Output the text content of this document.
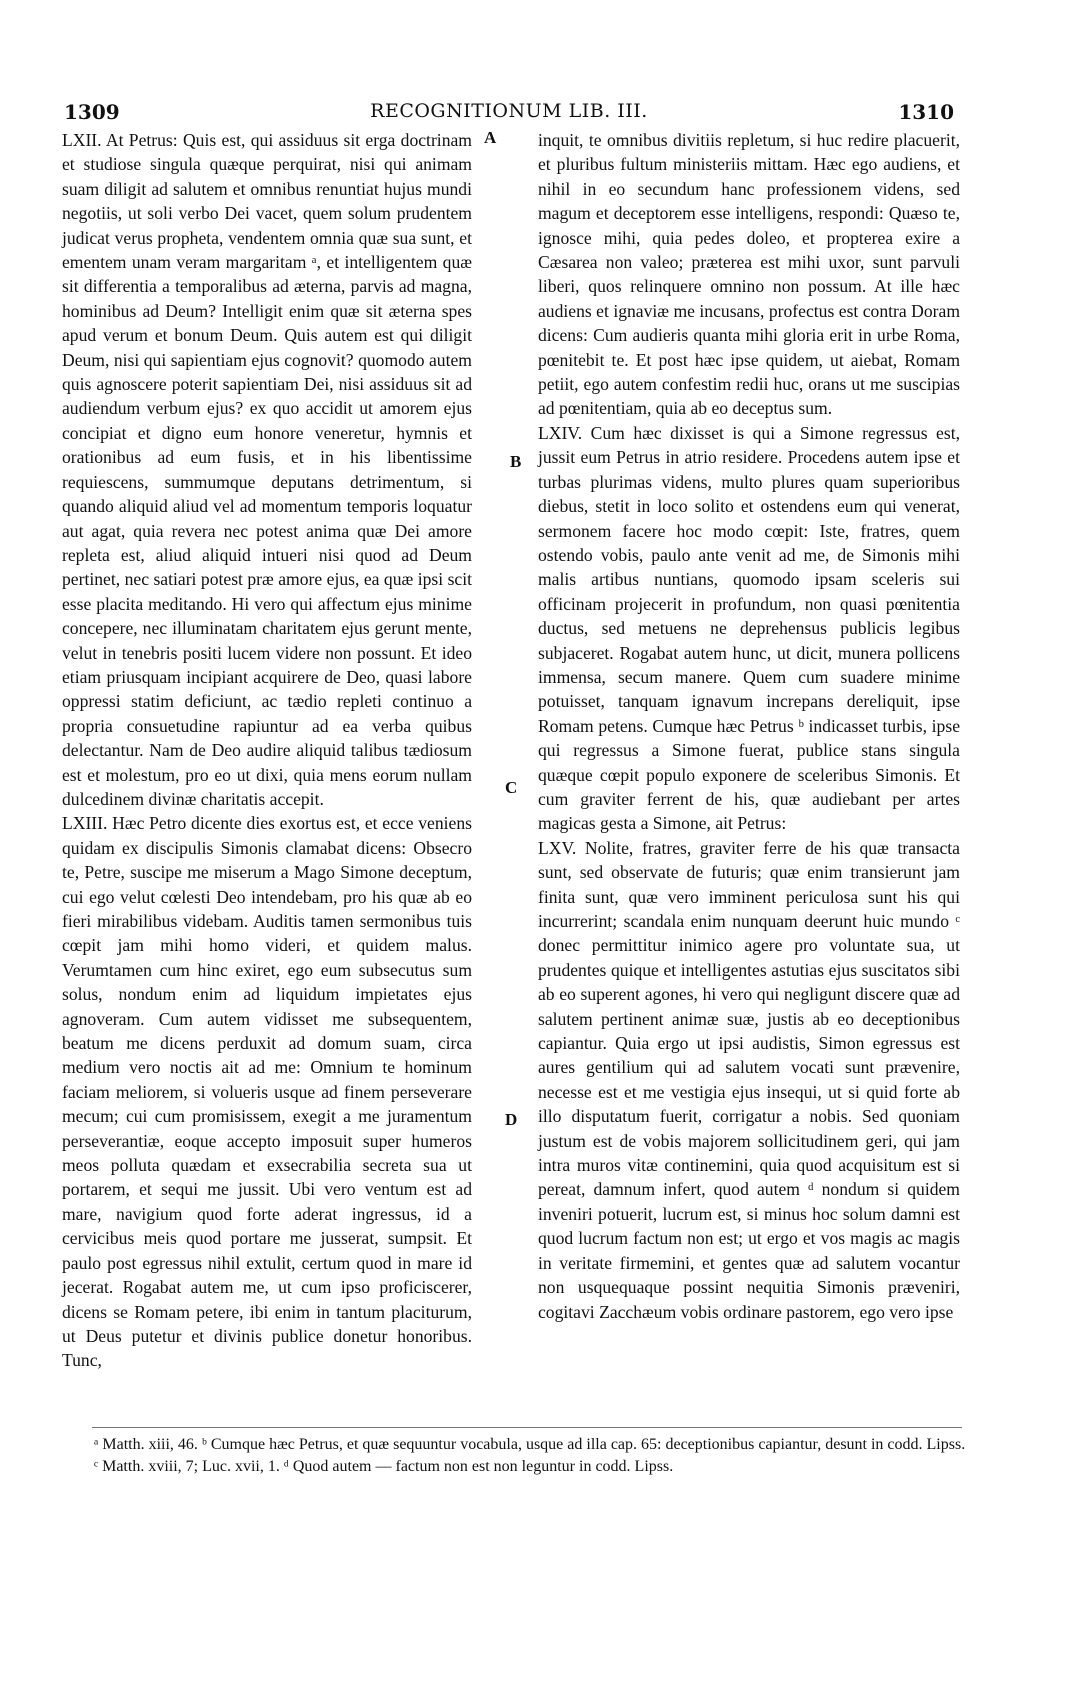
1309	RECOGNITIONUM LIB. III.	1310

LXII. At Petrus: Quis est, qui assiduus sit erga doctrinam et studiose singula quæque perquirat, nisi qui animam suam diligit ad salutem et omnibus renuntiat hujus mundi negotiis, ut soli verbo Dei vacet, quem solum prudentem judicat verus propheta, vendentem omnia quæ sua sunt, et ementem unam veram margaritam ᵃ, et intelligentem quæ sit differentia a temporalibus ad æterna, parvis ad magna, hominibus ad Deum? Intelligit enim quæ sit æterna spes apud verum et bonum Deum. Quis autem est qui diligit Deum, nisi qui sapientiam ejus cognovit? quomodo autem quis agnoscere poterit sapientiam Dei, nisi assiduus sit ad audiendum verbum ejus? ex quo accidit ut amorem ejus concipiat et digno eum honore veneretur, hymnis et orationibus ad eum fusis, et in his libentissime requiescens, summumque deputans detrimentum, si quando aliquid aliud vel ad momentum temporis loquatur aut agat, quia revera nec potest anima quæ Dei amore repleta est, aliud aliquid intueri nisi quod ad Deum pertinet, nec satiari potest præ amore ejus, ea quæ ipsi scit esse placita meditando. Hi vero qui affectum ejus minime concepere, nec illuminatam charitatem ejus gerunt mente, velut in tenebris positi lucem videre non possunt. Et ideo etiam priusquam incipiant acquirere de Deo, quasi labore oppressi statim deficiunt, ac tædio repleti continuo a propria consuetudine rapiuntur ad ea verba quibus delectantur. Nam de Deo audire aliquid talibus tædiosum est et molestum, pro eo ut dixi, quia mens eorum nullam dulcedinem divinæ charitatis accepit.

LXIII. Hæc Petro dicente dies exortus est, et ecce veniens quidam ex discipulis Simonis clamabat dicens: Obsecro te, Petre, suscipe me miserum a Mago Simone deceptum, cui ego velut cœlesti Deo intendebam, pro his quæ ab eo fieri mirabilibus videbam. Auditis tamen sermonibus tuis cœpit jam mihi homo videri, et quidem malus. Verumtamen cum hinc exiret, ego eum subsecutus sum solus, nondum enim ad liquidum impietates ejus agnoveram. Cum autem vidisset me subsequentem, beatum me dicens perduxit ad domum suam, circa medium vero noctis ait ad me: Omnium te hominum faciam meliorem, si volueris usque ad finem perseverare mecum; cui cum promisissem, exegit a me juramentum perseverantiæ, eoque accepto imposuit super humeros meos polluta quædam et exsecrabilia secreta sua ut portarem, et sequi me jussit. Ubi vero ventum est ad mare, navigium quod forte aderat ingressus, id a cervicibus meis quod portare me jusserat, sumpsit. Et paulo post egressus nihil extulit, certum quod in mare id jecerat. Rogabat autem me, ut cum ipso proficiscerer, dicens se Romam petere, ibi enim in tantum placiturum, ut Deus putetur et divinis publice donetur honoribus. Tunc,

A
B
C
D

inquit, te omnibus divitiis repletum, si huc redire placuerit, et pluribus fultum ministeriis mittam. Hæc ego audiens, et nihil in eo secundum hanc professionem videns, sed magum et deceptorem esse intelligens, respondi: Quæso te, ignosce mihi, quia pedes doleo, et propterea exire a Cæsarea non valeo; præterea est mihi uxor, sunt parvuli liberi, quos relinquere omnino non possum. At ille hæc audiens et ignaviæ me incusans, profectus est contra Doram dicens: Cum audieris quanta mihi gloria erit in urbe Roma, pœnitebit te. Et post hæc ipse quidem, ut aiebat, Romam petiit, ego autem confestim redii huc, orans ut me suscipias ad pœnitentiam, quia ab eo deceptus sum.

LXIV. Cum hæc dixisset is qui a Simone regressus est, jussit eum Petrus in atrio residere. Procedens autem ipse et turbas plurimas videns, multo plures quam superioribus diebus, stetit in loco solito et ostendens eum qui venerat, sermonem facere hoc modo cœpit: Iste, fratres, quem ostendo vobis, paulo ante venit ad me, de Simonis mihi malis artibus nuntians, quomodo ipsam sceleris sui officinam projecerit in profundum, non quasi pœnitentia ductus, sed metuens ne deprehensus publicis legibus subjaceret. Rogabat autem hunc, ut dicit, munera pollicens immensa, secum manere. Quem cum suadere minime potuisset, tanquam ignavum increpans dereliquit, ipse Romam petens. Cumque hæc Petrus ᵇ indicasset turbis, ipse qui regressus a Simone fuerat, publice stans singula quæque cœpit populo exponere de sceleribus Simonis. Et cum graviter ferrent de his, quæ audiebant per artes magicas gesta a Simone, ait Petrus:

LXV. Nolite, fratres, graviter ferre de his quæ transacta sunt, sed observate de futuris; quæ enim transierunt jam finita sunt, quæ vero imminent periculosa sunt his qui incurrerint; scandala enim nunquam deerunt huic mundo ᶜ donec permittitur inimico agere pro voluntate sua, ut prudentes quique et intelligentes astutias ejus suscitatos sibi ab eo superent agones, hi vero qui negligunt discere quæ ad salutem pertinent animæ suæ, justis ab eo deceptionibus capiantur. Quia ergo ut ipsi audistis, Simon egressus est aures gentilium qui ad salutem vocati sunt prævenire, necesse est et me vestigia ejus insequi, ut si quid forte ab illo disputatum fuerit, corrigatur a nobis. Sed quoniam justum est de vobis majorem sollicitudinem geri, qui jam intra muros vitæ continemini, quia quod acquisitum est si pereat, damnum infert, quod autem ᵈ nondum si quidem inveniri potuerit, lucrum est, si minus hoc solum damni est quod lucrum factum non est; ut ergo et vos magis ac magis in veritate firmemini, et gentes quæ ad salutem vocantur non usquequaque possint nequitia Simonis præveniri, cogitavi Zacchæum vobis ordinare pastorem, ego vero ipse

ᵃ Matth. xiii, 46. ᵇ Cumque hæc Petrus, et quæ sequuntur vocabula, usque ad illa cap. 65: deceptionibus capiantur, desunt in codd. Lipss. ᶜ Matth. xviii, 7; Luc. xvii, 1. ᵈ Quod autem — factum non est non leguntur in codd. Lipss.
